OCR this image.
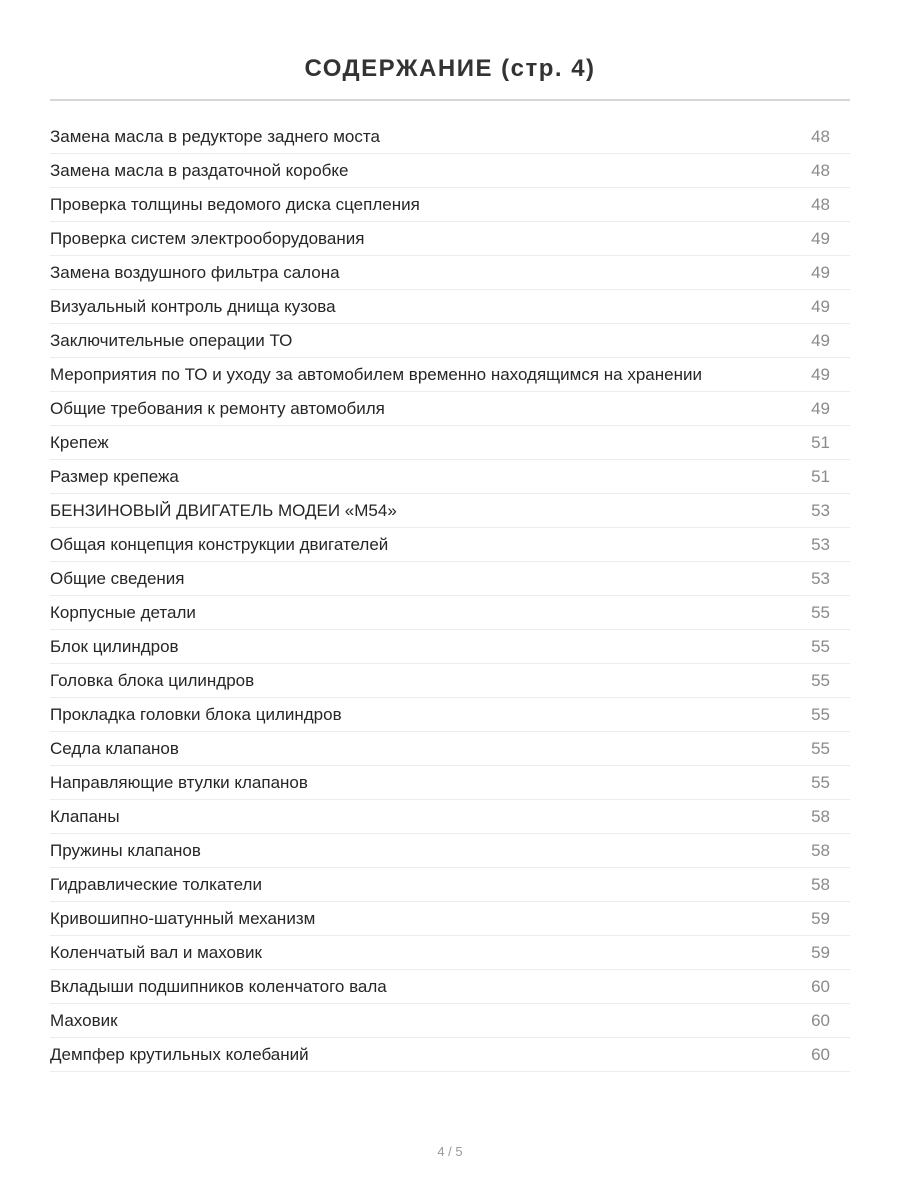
СОДЕРЖАНИЕ (стр. 4)
Замена масла в редукторе заднего моста	48
Замена масла в раздаточной коробке	48
Проверка толщины ведомого диска сцепления	48
Проверка систем электрооборудования	49
Замена воздушного фильтра салона	49
Визуальный контроль днища кузова	49
Заключительные операции ТО	49
Мероприятия по ТО и уходу за автомобилем временно находящимся на хранении	49
Общие требования к ремонту автомобиля	49
Крепеж	51
Размер крепежа	51
БЕНЗИНОВЫЙ ДВИГАТЕЛЬ МОДЕИ «М54»	53
Общая концепция конструкции двигателей	53
Общие сведения	53
Корпусные детали	55
Блок цилиндров	55
Головка блока цилиндров	55
Прокладка головки блока цилиндров	55
Седла клапанов	55
Направляющие втулки клапанов	55
Клапаны	58
Пружины клапанов	58
Гидравлические толкатели	58
Кривошипно-шатунный механизм	59
Коленчатый вал и маховик	59
Вкладыши подшипников коленчатого вала	60
Маховик	60
Демпфер крутильных колебаний	60
4 / 5
